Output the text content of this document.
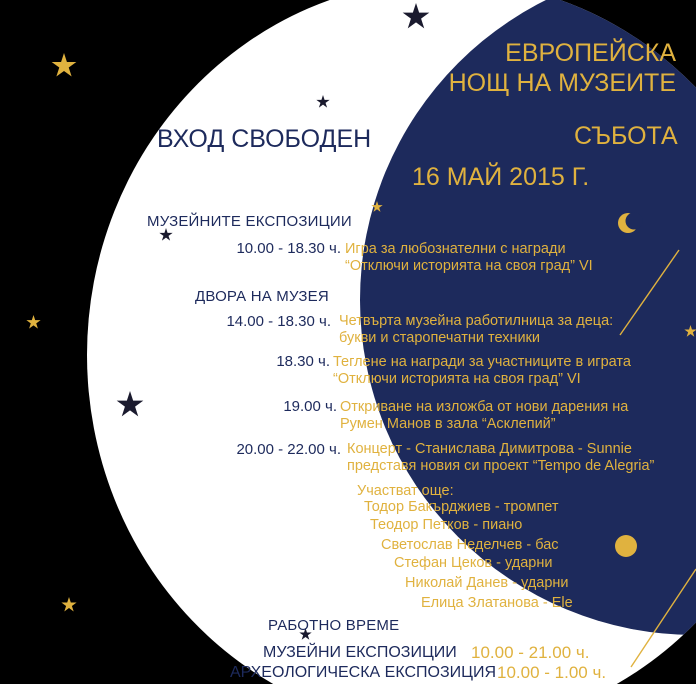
ЕВРОПЕЙСКА
НОЩ НА МУЗЕИТЕ
ВХОД СВОБОДЕН	СЪБОТА
16 МАЙ 2015 Г.
МУЗЕЙНИТЕ ЕКСПОЗИЦИИ
ДВОРА НА МУЗЕЯ
10.00 - 18.30 ч. Игра за любознателни с награди
“Отключи историята на своя град” VI
14.00 - 18.30 ч. Четвърта музейна работилница за деца:
букви и старопечатни техники
18.30 ч. Теглене на награди за участниците в играта
“Отключи историята на своя град” VI
19.00 ч. Откриване на изложба от нови дарения на
Румен Манов в зала “Асклепий”
20.00 - 22.00 ч. Концерт - Станислава Димитрова - Sunnie
представя новия си проект “Tempo de Alegria”
Участват още:
Тодор Бакърджиев - тромпет
Теодор Петков - пиано
Светослав Неделчев - бас
Стефан Цеков - ударни
Николай Данев - ударни
Елица Златанова - Ele
РАБОТНО ВРЕМЕ
МУЗЕЙНИ ЕКСПОЗИЦИИ 10.00 - 21.00 ч.
АРХЕОЛОГИЧЕСКА ЕКСПОЗИЦИЯ 10.00 - 1.00 ч.
